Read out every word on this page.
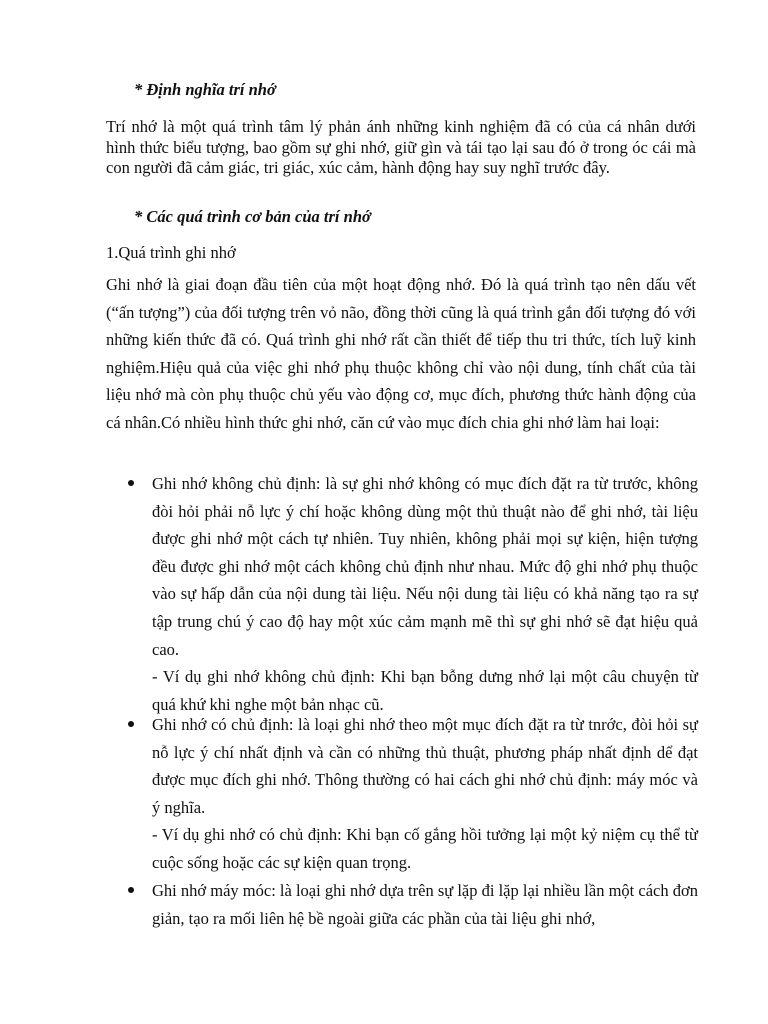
* Định nghĩa trí nhớ
Trí nhớ là một quá trình tâm lý phản ánh những kinh nghiệm đã có của cá nhân dưới hình thức biểu tượng, bao gồm sự ghi nhớ, giữ gìn và tái tạo lại sau đó ở trong óc cái mà con người đã cảm giác, tri giác, xúc cảm, hành động hay suy nghĩ trước đây.
* Các quá trình cơ bản của trí nhớ
1.Quá trình ghi nhớ
Ghi nhớ là giai đoạn đầu tiên của một hoạt động nhớ. Đó là quá trình tạo nên dấu vết (“ấn tượng”) của đối tượng trên vỏ não, đồng thời cũng là quá trình gắn đối tượng đó với những kiến thức đã có. Quá trình ghi nhớ rất cần thiết để tiếp thu tri thức, tích luỹ kinh nghiệm.Hiệu quả của việc ghi nhớ phụ thuộc không chỉ vào nội dung, tính chất của tài liệu nhớ mà còn phụ thuộc chủ yếu vào động cơ, mục đích, phương thức hành động của cá nhân.Có nhiều hình thức ghi nhớ, căn cứ vào mục đích chia ghi nhớ làm hai loại:

Ghi nhớ không chủ định: là sự ghi nhớ không có mục đích đặt ra từ trước, không đòi hỏi phải nỗ lực ý chí hoặc không dùng một thủ thuật nào để ghi nhớ, tài liệu được ghi nhớ một cách tự nhiên. Tuy nhiên, không phải mọi sự kiện, hiện tượng đều được ghi nhớ một cách không chủ định như nhau. Mức độ ghi nhớ phụ thuộc vào sự hấp dẫn của nội dung tài liệu. Nếu nội dung tài liệu có khả năng tạo ra sự tập trung chú ý cao độ hay một xúc cảm mạnh mẽ thì sự ghi nhớ sẽ đạt hiệu quả cao.

- Ví dụ ghi nhớ không chủ định: Khi bạn bỗng dưng nhớ lại một câu chuyện từ quá khứ khi nghe một bản nhạc cũ.

Ghi nhớ có chủ định: là loại ghi nhớ theo một mục đích đặt ra từ tnrớc, đòi hỏi sự nỗ lực ý chí nhất định và cần có những thủ thuật, phương pháp nhất định dể đạt được mục đích ghi nhớ. Thông thường có hai cách ghi nhớ chủ định: máy móc và ý nghĩa.

- Ví dụ ghi nhớ có chủ định: Khi bạn cố gắng hồi tưởng lại một kỷ niệm cụ thể từ cuộc sống hoặc các sự kiện quan trọng.

Ghi nhớ máy móc: là loại ghi nhớ dựa trên sự lặp đi lặp lại nhiều lần một cách đơn giản, tạo ra mối liên hệ bề ngoài giữa các phần của tài liệu ghi nhớ,
